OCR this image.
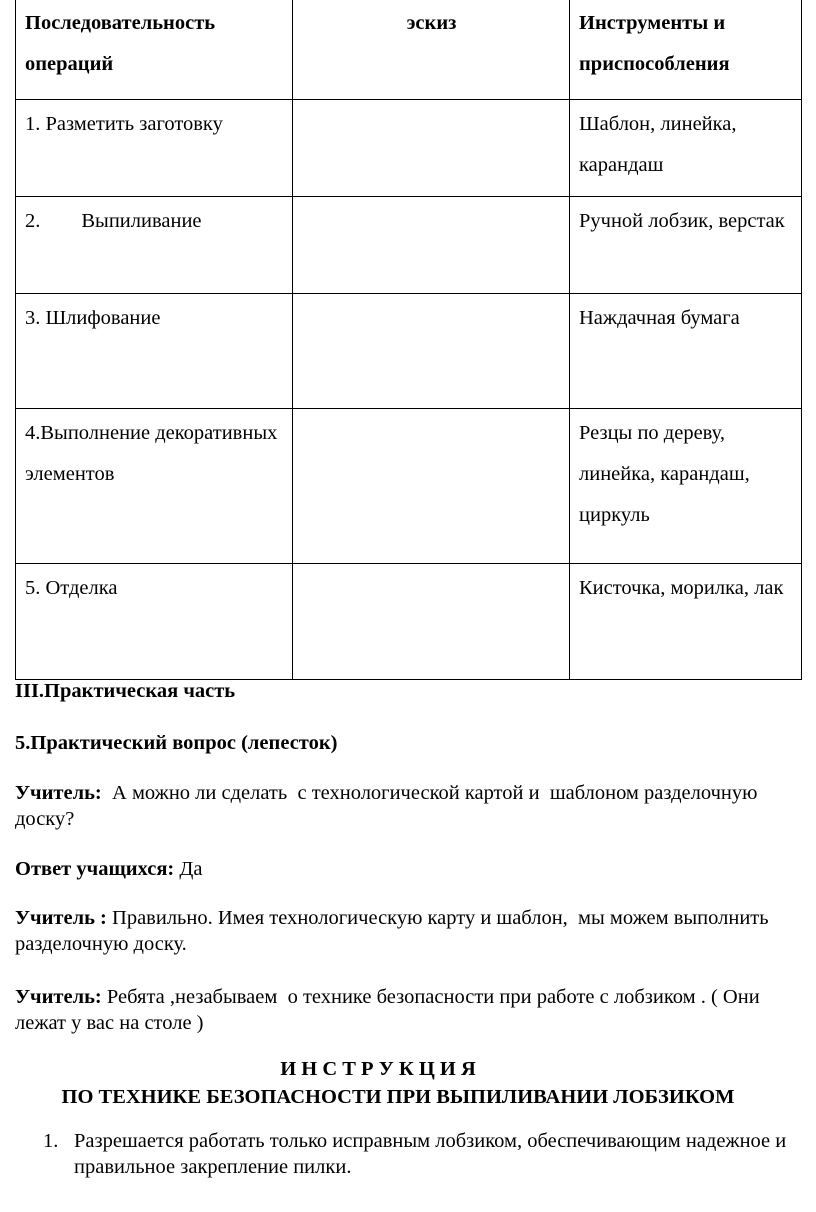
Последовательность операций	эскиз	Инструменты и приспособления
1. Разметить заготовку		Шаблон, линейка, карандаш
2.        Выпиливание		Ручной лобзик, верстак
3. Шлифование		Наждачная бумага
4.Выполнение декоративных элементов		Резцы по дереву, линейка, карандаш, циркуль
5. Отделка		Кисточка, морилка, лак

III.Практическая часть

5.Практический вопрос (лепесток)

Учитель:  А можно ли сделать  с технологической картой и  шаблоном разделочную доску?

Ответ учащихся: Да

Учитель : Правильно. Имея технологическую карту и шаблон,  мы можем выполнить разделочную доску.

Учитель: Ребята ,незабываем  о технике безопасности при работе с лобзиком . ( Они лежат у вас на столе )

И Н С Т Р У К Ц И Я
ПО ТЕХНИКЕ БЕЗОПАСНОСТИ ПРИ ВЫПИЛИВАНИИ ЛОБЗИКОМ
1. Разрешается работать только исправным лобзиком, обеспечивающим надежное и правильное закрепление пилки.
